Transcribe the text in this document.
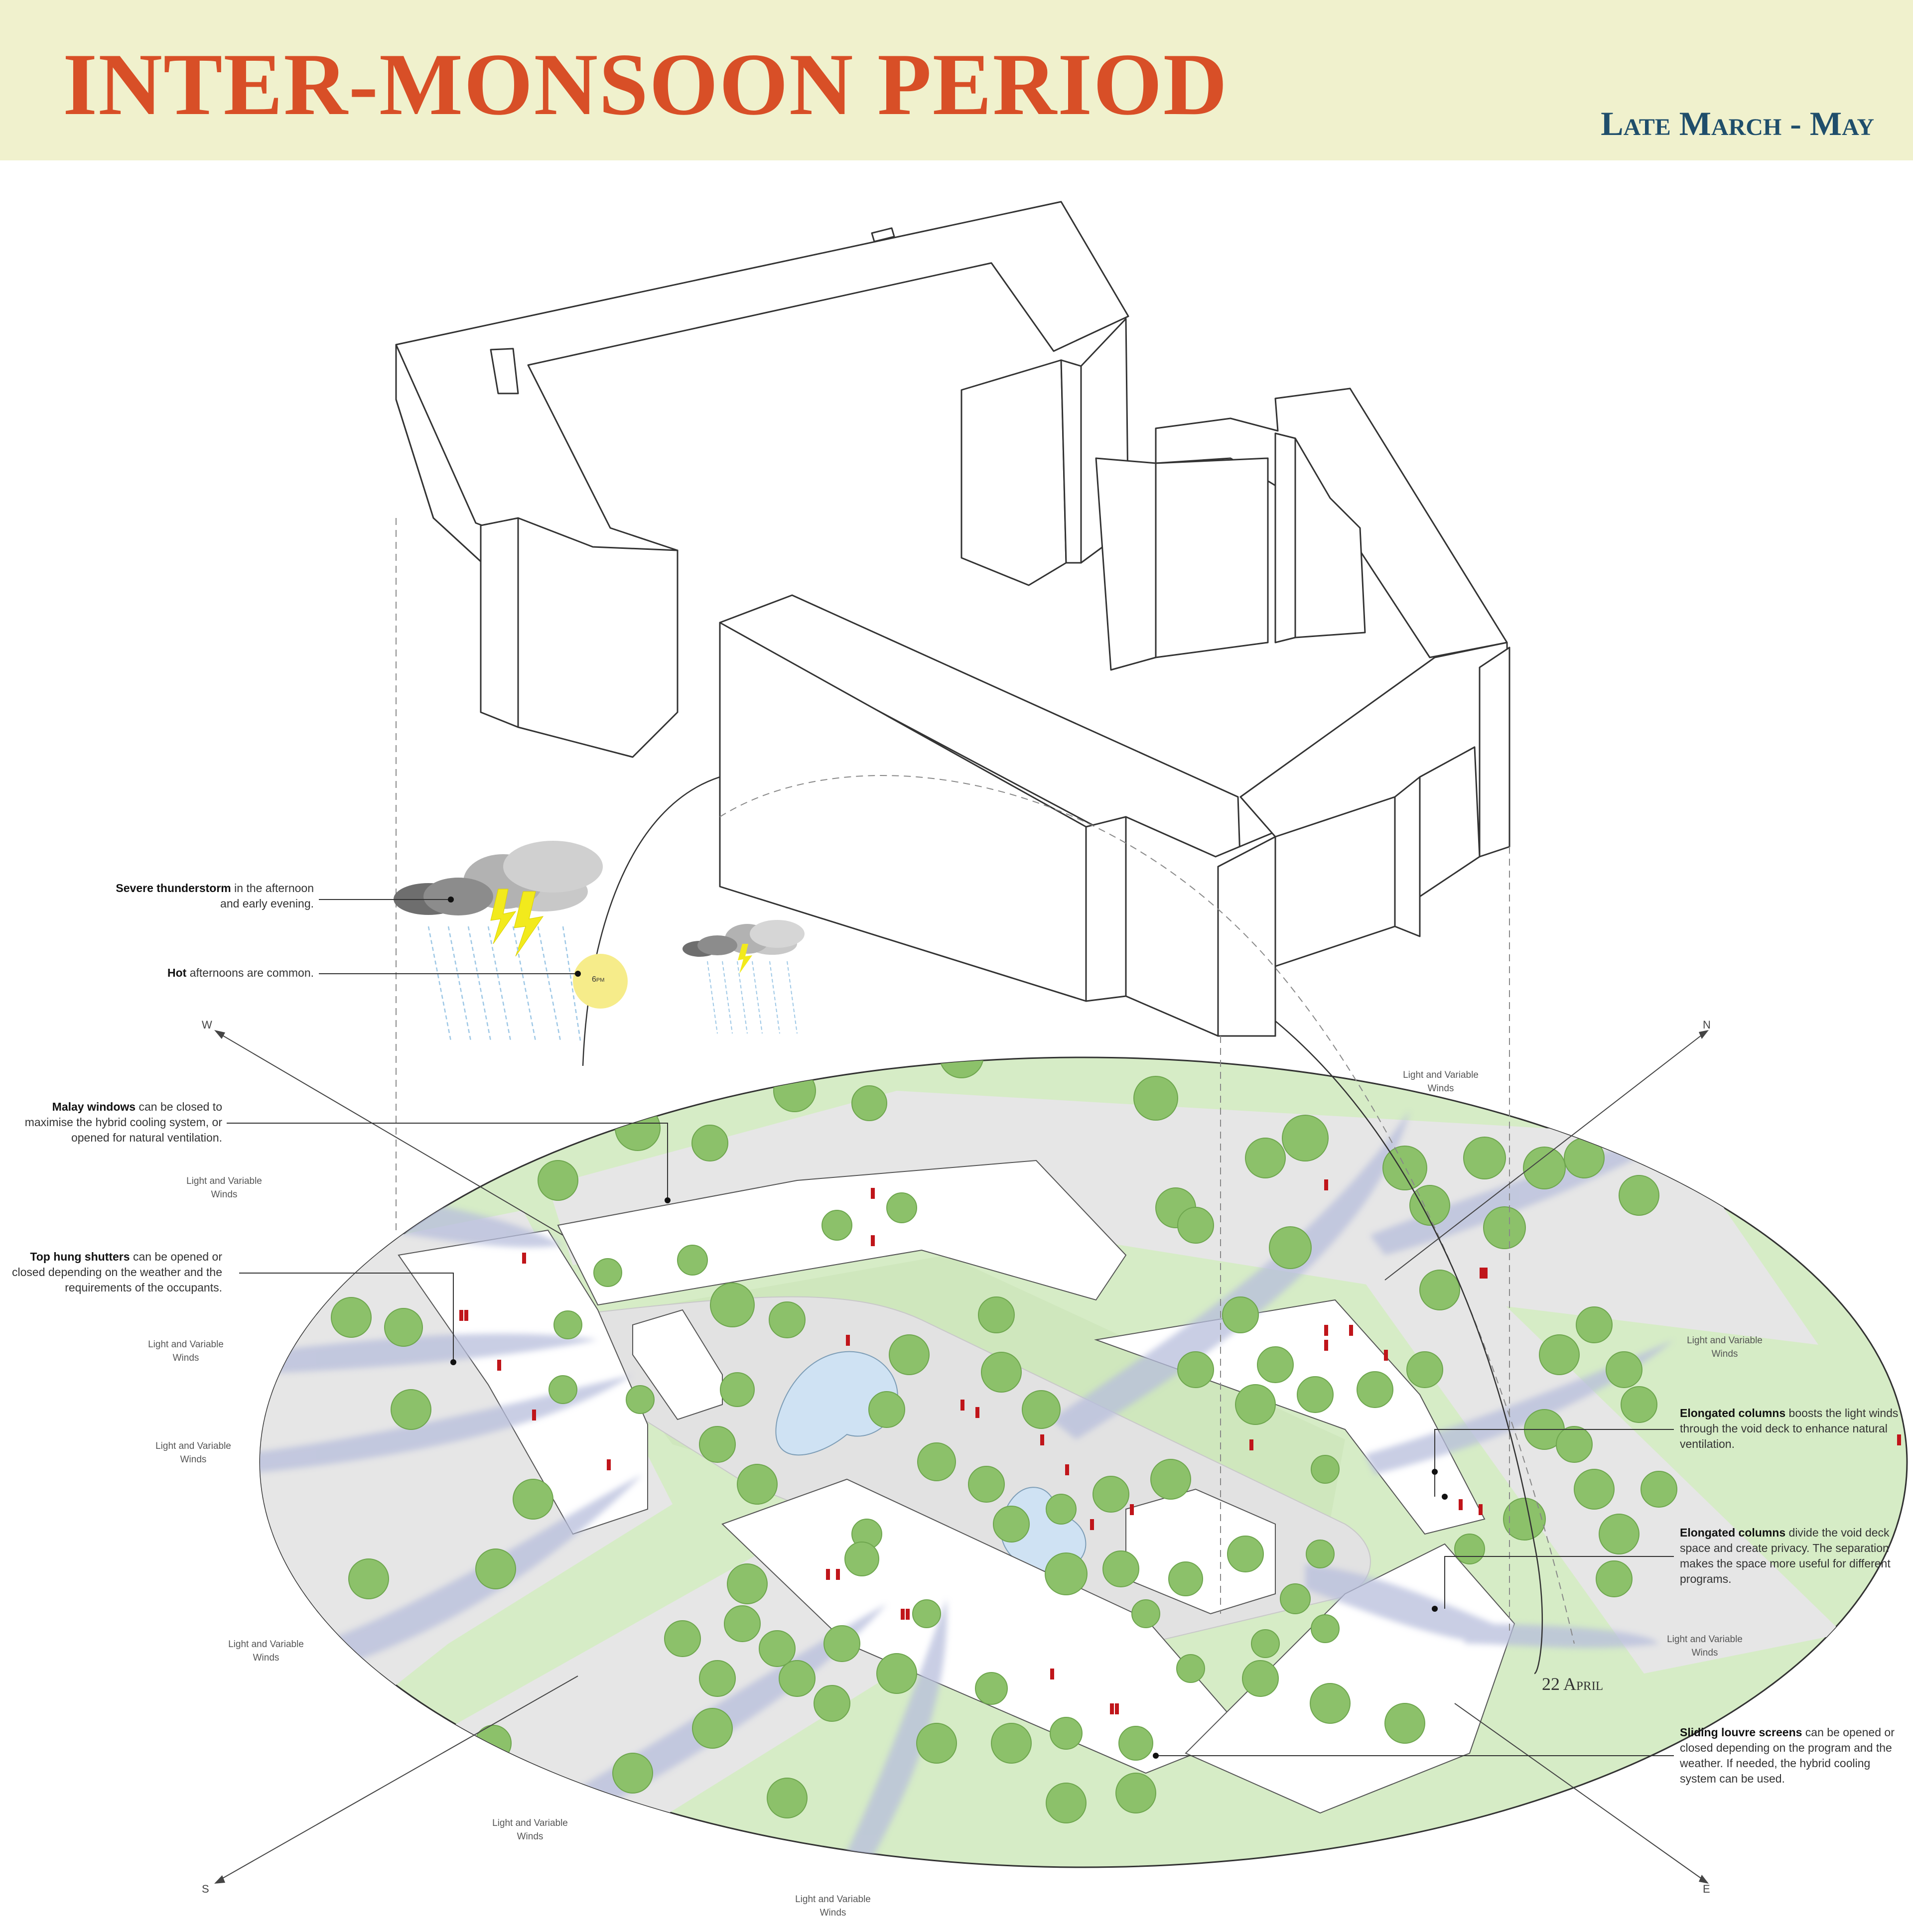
INTER-MONSOON PERIOD	Late March - May
Severe thunderstorm in the afternoon and early evening.
Hot afternoons are common.
Malay windows can be closed to maximise the hybrid cooling system, or opened for natural ventilation.
Top hung shutters can be opened or closed depending on the weather and the requirements of the occupants.
Elongated columns boosts the light winds through the void deck to enhance natural ventilation.
Elongated columns divide the void deck space and create privacy. The separation makes the space more useful for different programs.
Sliding louvre screens can be opened or closed depending on the program and the weather. If needed, the hybrid cooling system can be used.
Light and Variable Winds
Light and Variable Winds
Light and Variable Winds
Light and Variable Winds
Light and Variable Winds
Light and Variable Winds
Light and Variable Winds
Light and Variable Winds
Light and Variable Winds
W	N
S	E
6pm
22 April
